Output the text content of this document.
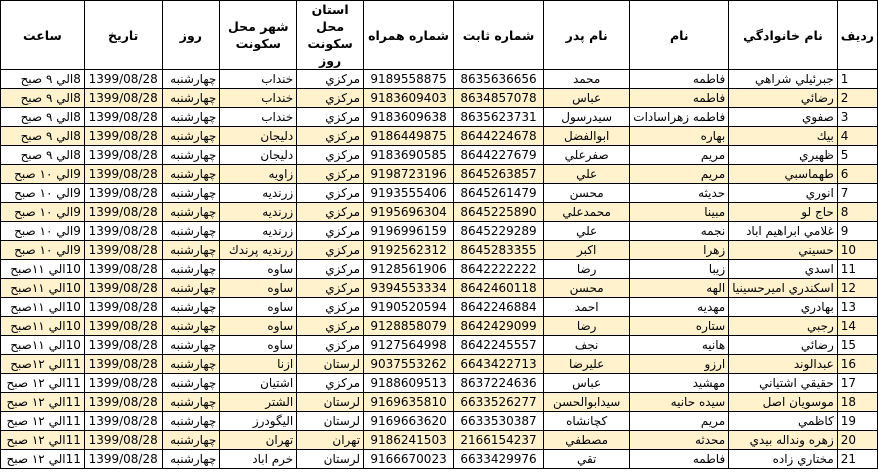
ردیف	نام خانوادگي	نام	نام پدر	شماره ثابت	شماره همراه	استان محل سكونت روز	شهر محل سكونت	روز	تاریخ	ساعت
1	جبرئيلي شراهي	فاطمه	محمد	8635636656	9189558875	مركزي	خنداب	چهارشنبه	1399/08/28	8الي ۹ صبح
2	رضائي	فاطمه	عباس	8634857078	9183609403	مركزي	خنداب	چهارشنبه	1399/08/28	8الي ۹ صبح
3	صفوي	فاطمه زهراسادات	سيدرسول	8635623731	9183609638	مركزي	خنداب	چهارشنبه	1399/08/28	8الي ۹ صبح
4	بيك	بهاره	ابوالفضل	8644224678	9186449875	مركزي	دليجان	چهارشنبه	1399/08/28	8الي ۹ صبح
5	ظهيري	مريم	صفرعلي	8644227679	9183690585	مركزي	دليجان	چهارشنبه	1399/08/28	8الي ۹ صبح
6	طهماسبي	مريم	علي	8645263857	9198723196	مركزي	زاويه	چهارشنبه	1399/08/28	9الي ۱۰ صبح
7	انوري	حديثه	محسن	8645261479	9193555406	مركزي	زرنديه	چهارشنبه	1399/08/28	9الي ۱۰ صبح
8	حاج لو	مبينا	محمدعلي	8645225890	9195696304	مركزي	زرنديه	چهارشنبه	1399/08/28	9الي ۱۰ صبح
9	غلامي ابراهيم اباد	نجمه	علي	8645229289	9196996159	مركزي	زرنديه	چهارشنبه	1399/08/28	9الي ۱۰ صبح
10	حسيني	زهرا	اكبر	8645283355	9192562312	مركزي	زرنديه پرندك	چهارشنبه	1399/08/28	9الي ۱۰ صبح
11	اسدي	زيبا	رضا	8642222222	9128561906	مركزي	ساوه	چهارشنبه	1399/08/28	10الي ۱۱صبح
12	اسكندري اميرحسينيا	الهه	محسن	8642460118	9394553334	مركزي	ساوه	چهارشنبه	1399/08/28	10الي ۱۱صبح
13	بهادري	مهديه	احمد	8642246884	9190520594	مركزي	ساوه	چهارشنبه	1399/08/28	10الي ۱۱صبح
14	رجبي	ستاره	رضا	8642429099	9128858079	مركزي	ساوه	چهارشنبه	1399/08/28	10الي ۱۱صبح
15	رضائي	هانيه	نجف	8642245557	9127564998	مركزي	ساوه	چهارشنبه	1399/08/28	10الي ۱۱صبح
16	عبدالوند	ارزو	عليرضا	6643422713	9037553262	لرستان	ازنا	چهارشنبه	1399/08/28	11الي ۱۲صبح
17	حقيقي اشتياني	مهشيد	عباس	8637224636	9188609513	مركزي	اشتيان	چهارشنبه	1399/08/28	11الي ۱۲ صبح
18	موسويان اصل	سيده حانيه	سيدابوالحسن	6633526277	9169635810	لرستان	الشتر	چهارشنبه	1399/08/28	11الي ۱۲ صبح
19	كاظمي	مريم	كچانشاه	6633530387	9169663620	لرستان	اليگودرز	چهارشنبه	1399/08/28	11الي ۱۲ صبح
20	زهره ونداله بيدي	محدثه	مصطفي	2166154237	9186241503	تهران	تهران	چهارشنبه	1399/08/28	11الي ۱۲ صبح
21	مختاري زاده	فاطمه	تقي	6633429976	9166670023	لرستان	خرم اباد	چهارشنبه	1399/08/28	11الي ۱۲ صبح
